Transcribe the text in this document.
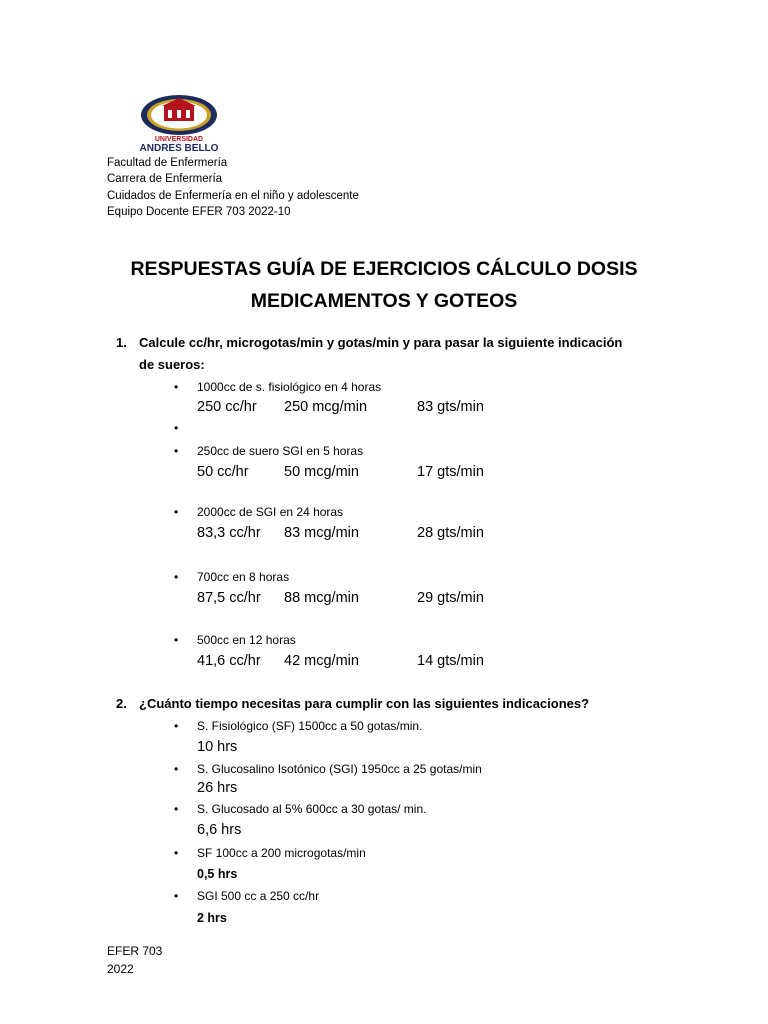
UNIVERSIDAD
ANDRES BELLO
Facultad de Enfermería
Carrera de Enfermería
Cuidados de Enfermería en el niño y adolescente
Equipo Docente EFER 703 2022-10
RESPUESTAS GUÍA DE EJERCICIOS CÁLCULO DOSIS
MEDICAMENTOS Y GOTEOS
1. Calcule cc/hr, microgotas/min y gotas/min y para pasar la siguiente indicación
de sueros:
• 1000cc de s. fisiológico en 4 horas
250 cc/hr 250 mcg/min	83 gts/min
•
• 250cc de suero SGI en 5 horas
50 cc/hr 50 mcg/min	17 gts/min
• 2000cc de SGI en 24 horas
83,3 cc/hr 83 mcg/min	28 gts/min
• 700cc en 8 horas
87,5 cc/hr 88 mcg/min	29 gts/min
• 500cc en 12 horas
41,6 cc/hr 42 mcg/min	14 gts/min
2. ¿Cuánto tiempo necesitas para cumplir con las siguientes indicaciones?
• S. Fisiológico (SF) 1500cc a 50 gotas/min.
10 hrs
• S. Glucosalino Isotónico (SGI) 1950cc a 25 gotas/min
26 hrs
• S. Glucosado al 5% 600cc a 30 gotas/ min.
6,6 hrs
• SF 100cc a 200 microgotas/min
0,5 hrs
• SGI 500 cc a 250 cc/hr
2 hrs
EFER 703
2022
